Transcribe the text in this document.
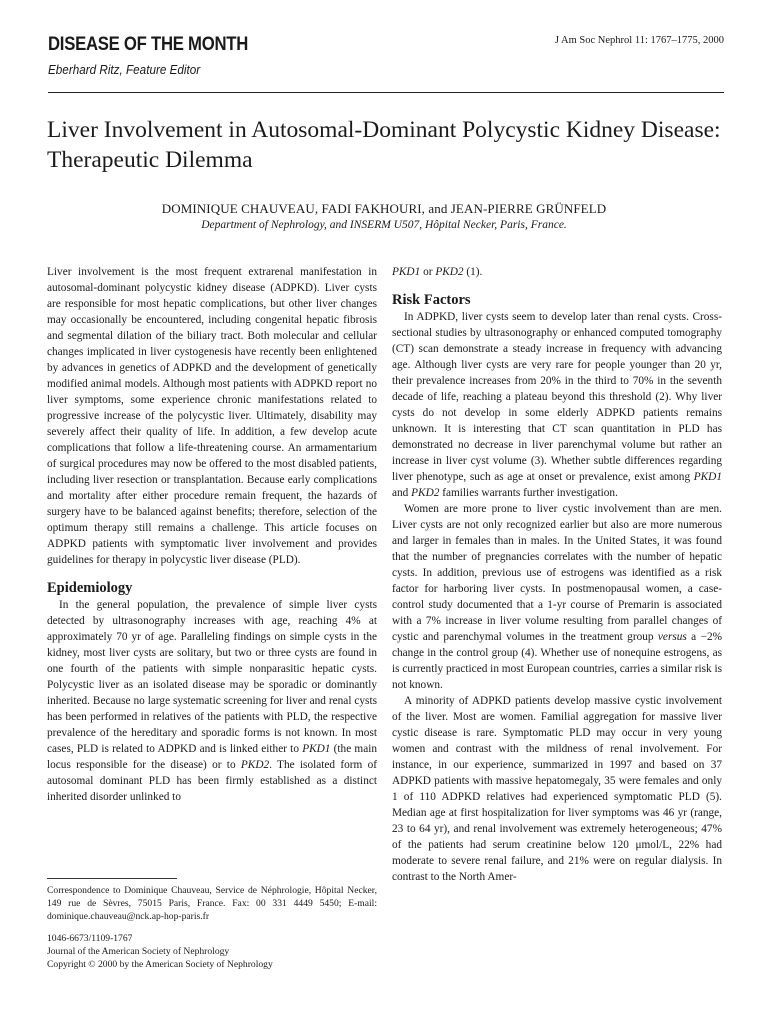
DISEASE OF THE MONTH
Eberhard Ritz, Feature Editor
J Am Soc Nephrol 11: 1767–1775, 2000
Liver Involvement in Autosomal-Dominant Polycystic Kidney Disease: Therapeutic Dilemma
DOMINIQUE CHAUVEAU, FADI FAKHOURI, and JEAN-PIERRE GRÜNFELD
Department of Nephrology, and INSERM U507, Hôpital Necker, Paris, France.

Liver involvement is the most frequent extrarenal manifestation in autosomal-dominant polycystic kidney disease (ADPKD). Liver cysts are responsible for most hepatic complications, but other liver changes may occasionally be encountered, including congenital hepatic fibrosis and segmental dilation of the biliary tract. Both molecular and cellular changes implicated in liver cystogenesis have recently been enlightened by advances in genetics of ADPKD and the development of genetically modified animal models. Although most patients with ADPKD report no liver symptoms, some experience chronic manifestations related to progressive increase of the polycystic liver. Ultimately, disability may severely affect their quality of life. In addition, a few develop acute complications that follow a life-threatening course. An armamentarium of surgical procedures may now be offered to the most disabled patients, including liver resection or transplantation. Because early complications and mortality after either procedure remain frequent, the hazards of surgery have to be balanced against benefits; therefore, selection of the optimum therapy still remains a challenge. This article focuses on ADPKD patients with symptomatic liver involvement and provides guidelines for therapy in polycystic liver disease (PLD).

Epidemiology

In the general population, the prevalence of simple liver cysts detected by ultrasonography increases with age, reaching 4% at approximately 70 yr of age. Paralleling findings on simple cysts in the kidney, most liver cysts are solitary, but two or three cysts are found in one fourth of the patients with simple nonparasitic hepatic cysts. Polycystic liver as an isolated disease may be sporadic or dominantly inherited. Because no large systematic screening for liver and renal cysts has been performed in relatives of the patients with PLD, the respective prevalence of the hereditary and sporadic forms is not known. In most cases, PLD is related to ADPKD and is linked either to PKD1 (the main locus responsible for the disease) or to PKD2. The isolated form of autosomal dominant PLD has been firmly established as a distinct inherited disorder unlinked to

PKD1 or PKD2 (1).

Risk Factors

In ADPKD, liver cysts seem to develop later than renal cysts. Cross-sectional studies by ultrasonography or enhanced computed tomography (CT) scan demonstrate a steady increase in frequency with advancing age. Although liver cysts are very rare for people younger than 20 yr, their prevalence increases from 20% in the third to 70% in the seventh decade of life, reaching a plateau beyond this threshold (2). Why liver cysts do not develop in some elderly ADPKD patients remains unknown. It is interesting that CT scan quantitation in PLD has demonstrated no decrease in liver parenchymal volume but rather an increase in liver cyst volume (3). Whether subtle differences regarding liver phenotype, such as age at onset or prevalence, exist among PKD1 and PKD2 families warrants further investigation.

Women are more prone to liver cystic involvement than are men. Liver cysts are not only recognized earlier but also are more numerous and larger in females than in males. In the United States, it was found that the number of pregnancies correlates with the number of hepatic cysts. In addition, previous use of estrogens was identified as a risk factor for harboring liver cysts. In postmenopausal women, a case-control study documented that a 1-yr course of Premarin is associated with a 7% increase in liver volume resulting from parallel changes of cystic and parenchymal volumes in the treatment group versus a −2% change in the control group (4). Whether use of nonequine estrogens, as is currently practiced in most European countries, carries a similar risk is not known.

A minority of ADPKD patients develop massive cystic involvement of the liver. Most are women. Familial aggregation for massive liver cystic disease is rare. Symptomatic PLD may occur in very young women and contrast with the mildness of renal involvement. For instance, in our experience, summarized in 1997 and based on 37 ADPKD patients with massive hepatomegaly, 35 were females and only 1 of 110 ADPKD relatives had experienced symptomatic PLD (5). Median age at first hospitalization for liver symptoms was 46 yr (range, 23 to 64 yr), and renal involvement was extremely heterogeneous; 47% of the patients had serum creatinine below 120 μmol/L, 22% had moderate to severe renal failure, and 21% were on regular dialysis. In contrast to the North Amer-

Correspondence to Dominique Chauveau, Service de Néphrologie, Hôpital Necker, 149 rue de Sèvres, 75015 Paris, France. Fax: 00 331 4449 5450; E-mail: dominique.chauveau@nck.ap-hop-paris.fr
1046-6673/1109-1767
Journal of the American Society of Nephrology
Copyright © 2000 by the American Society of Nephrology
